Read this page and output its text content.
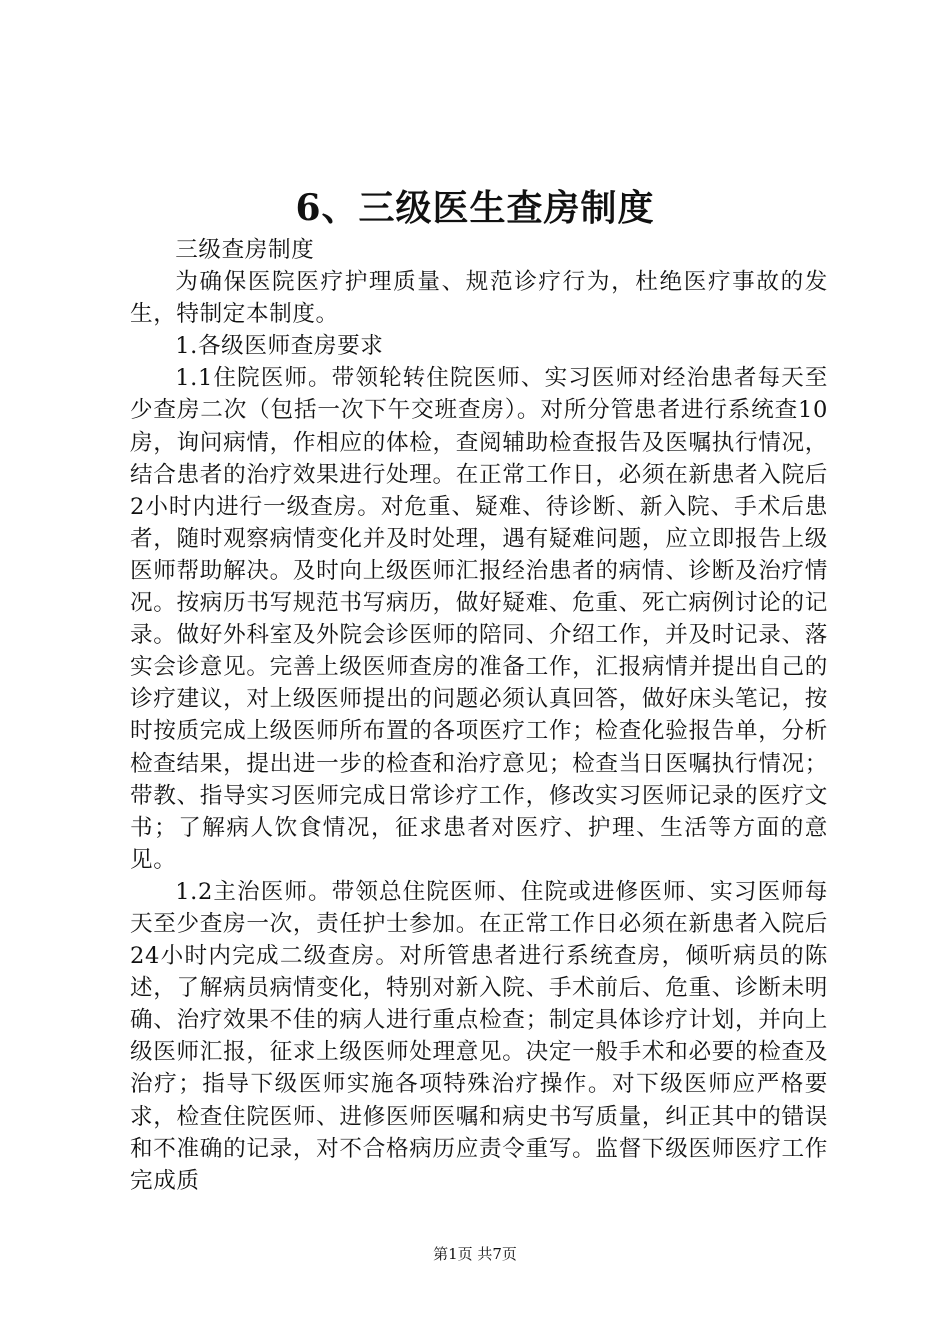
6、三级医生查房制度

三级查房制度

为确保医院医疗护理质量、规范诊疗行为，杜绝医疗事故的发生，特制定本制度。

1.各级医师查房要求

1.1住院医师。带领轮转住院医师、实习医师对经治患者每天至少查房二次（包括一次下午交班查房）。对所分管患者进行系统查10房，询问病情，作相应的体检，查阅辅助检查报告及医嘱执行情况，结合患者的治疗效果进行处理。在正常工作日，必须在新患者入院后2小时内进行一级查房。对危重、疑难、待诊断、新入院、手术后患者，随时观察病情变化并及时处理，遇有疑难问题，应立即报告上级医师帮助解决。及时向上级医师汇报经治患者的病情、诊断及治疗情况。按病历书写规范书写病历，做好疑难、危重、死亡病例讨论的记录。做好外科室及外院会诊医师的陪同、介绍工作，并及时记录、落实会诊意见。完善上级医师查房的准备工作，汇报病情并提出自己的诊疗建议，对上级医师提出的问题必须认真回答，做好床头笔记，按时按质完成上级医师所布置的各项医疗工作；检查化验报告单，分析检查结果，提出进一步的检查和治疗意见；检查当日医嘱执行情况；带教、指导实习医师完成日常诊疗工作，修改实习医师记录的医疗文书；了解病人饮食情况，征求患者对医疗、护理、生活等方面的意见。

1.2主治医师。带领总住院医师、住院或进修医师、实习医师每天至少查房一次，责任护士参加。在正常工作日必须在新患者入院后24小时内完成二级查房。对所管患者进行系统查房，倾听病员的陈述，了解病员病情变化，特别对新入院、手术前后、危重、诊断未明确、治疗效果不佳的病人进行重点检查；制定具体诊疗计划，并向上级医师汇报，征求上级医师处理意见。决定一般手术和必要的检查及治疗；指导下级医师实施各项特殊治疗操作。对下级医师应严格要求，检查住院医师、进修医师医嘱和病史书写质量，纠正其中的错误和不准确的记录，对不合格病历应责令重写。监督下级医师医疗工作完成质

第1页 共7页
